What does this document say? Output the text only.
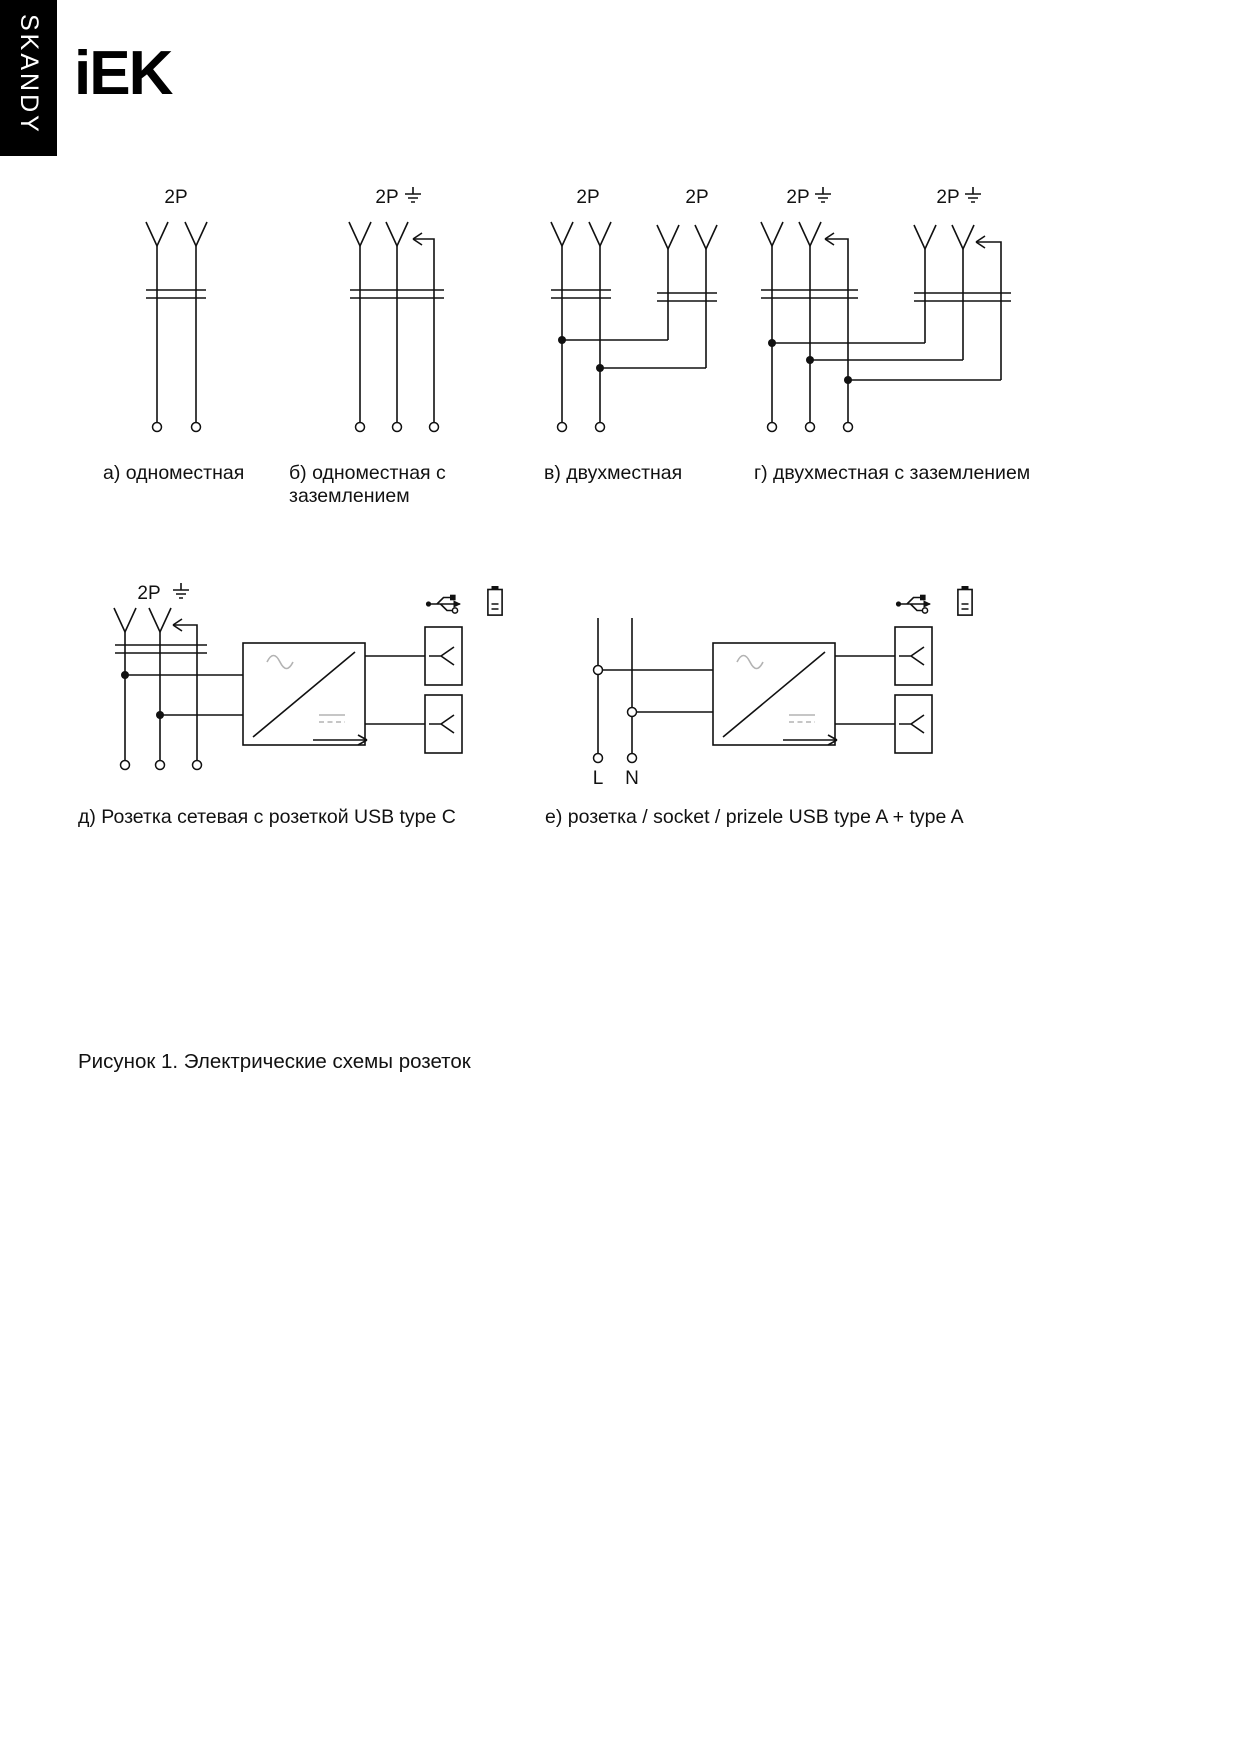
SKANDY iEK
2P	2P	2P	2P	2P	2P
2P
L N
а) одноместная б) одноместная с заземлением
в) двухместная	г) двухместная с заземлением
д) Розетка сетевая с розеткой USB type C	е) розетка / socket / prizele USB type A + type A
Рисунок 1. Электрические схемы розеток
